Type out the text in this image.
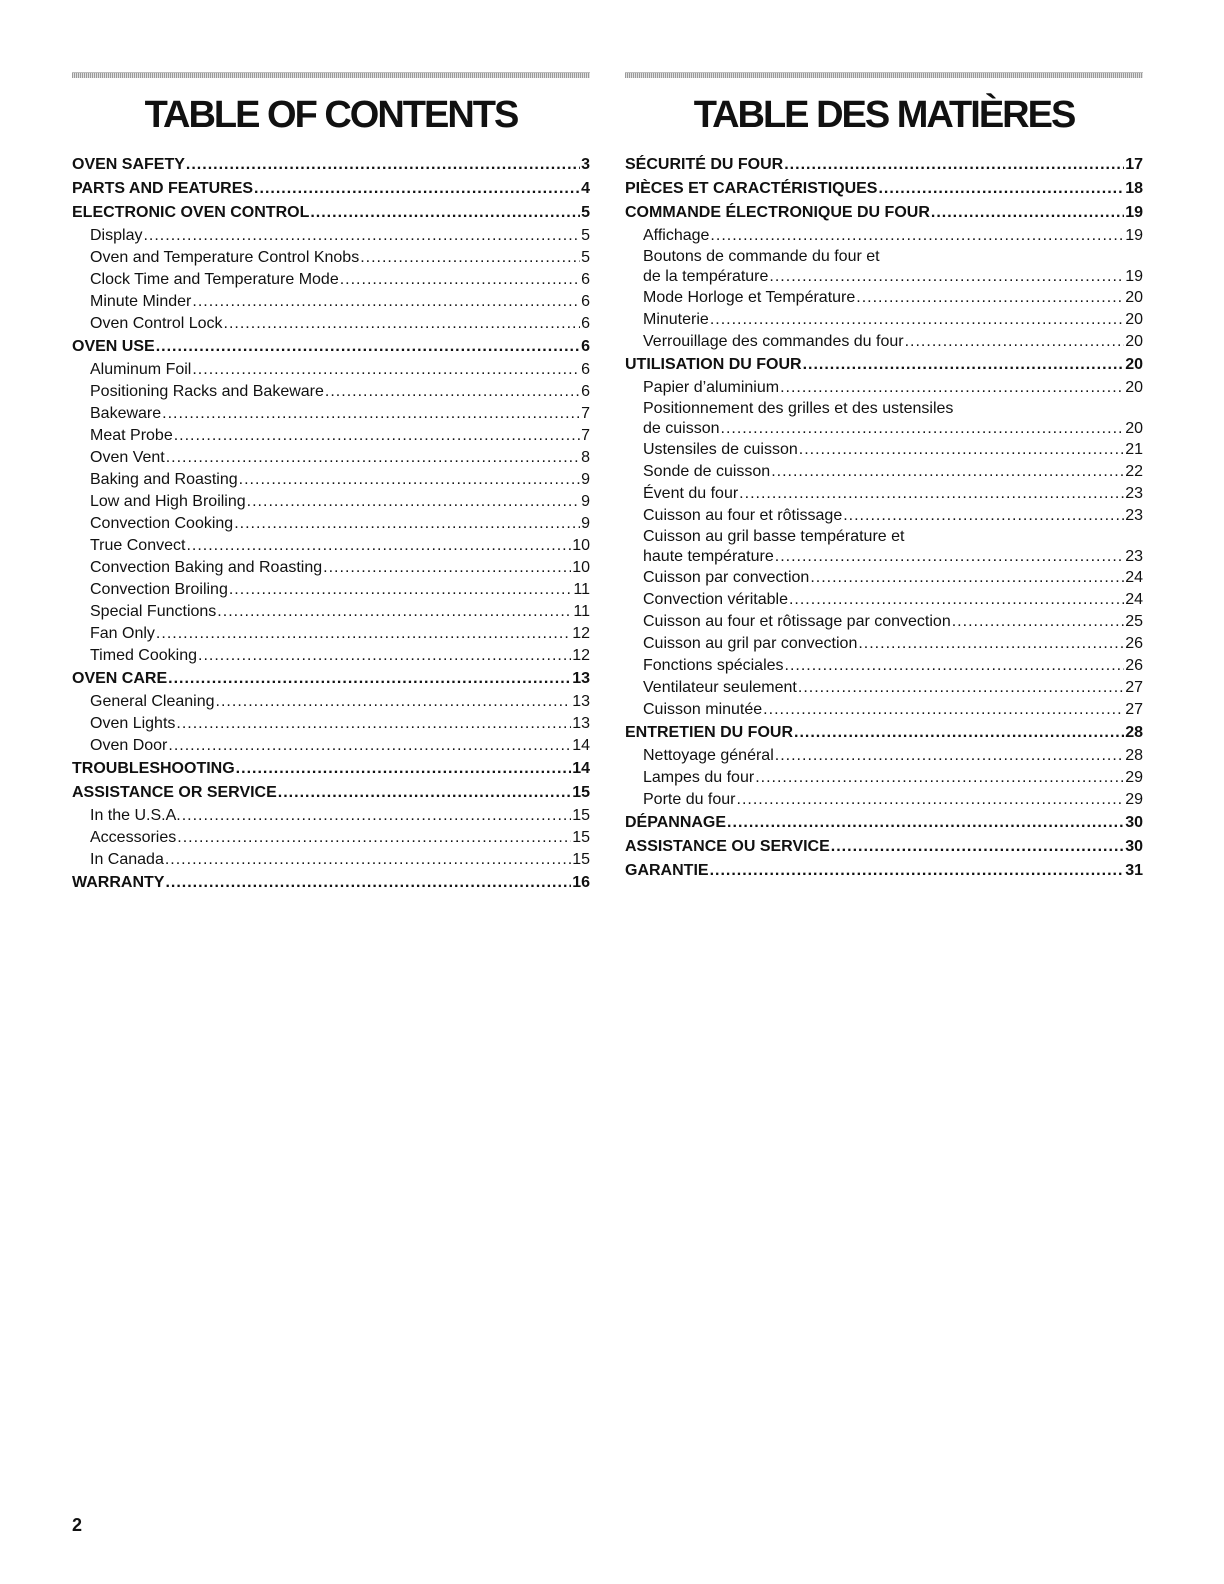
TABLE OF CONTENTS
OVEN SAFETY .....	3
PARTS AND FEATURES .....	4
ELECTRONIC OVEN CONTROL .....	5
Display .....	5
Oven and Temperature Control Knobs .....	5
Clock Time and Temperature Mode .....	6
Minute Minder .....	6
Oven Control Lock .....	6
OVEN USE .....	6
Aluminum Foil .....	6
Positioning Racks and Bakeware .....	6
Bakeware .....	7
Meat Probe .....	7
Oven Vent .....	8
Baking and Roasting .....	9
Low and High Broiling .....	9
Convection Cooking .....	9
True Convect .....	10
Convection Baking and Roasting .....	10
Convection Broiling .....	11
Special Functions .....	11
Fan Only .....	12
Timed Cooking .....	12
OVEN CARE .....	13
General Cleaning .....	13
Oven Lights .....	13
Oven Door .....	14
TROUBLESHOOTING .....	14
ASSISTANCE OR SERVICE .....	15
In the U.S.A. .....	15
Accessories .....	15
In Canada .....	15
WARRANTY .....	16
TABLE DES MATIÈRES
SÉCURITÉ DU FOUR .....	17
PIÈCES ET CARACTÉRISTIQUES .....	18
COMMANDE ÉLECTRONIQUE DU FOUR .....	19
Affichage .....	19
Boutons de commande du four et
de la température .....	19
Mode Horloge et Température .....	20
Minuterie .....	20
Verrouillage des commandes du four .....	20
UTILISATION DU FOUR .....	20
Papier d’aluminium .....	20
Positionnement des grilles et des ustensiles
de cuisson .....	20
Ustensiles de cuisson .....	21
Sonde de cuisson .....	22
Évent du four .....	23
Cuisson au four et rôtissage .....	23
Cuisson au gril basse température et
haute température .....	23
Cuisson par convection .....	24
Convection véritable .....	24
Cuisson au four et rôtissage par convection .....	25
Cuisson au gril par convection .....	26
Fonctions spéciales .....	26
Ventilateur seulement .....	27
Cuisson minutée .....	27
ENTRETIEN DU FOUR .....	28
Nettoyage général .....	28
Lampes du four .....	29
Porte du four .....	29
DÉPANNAGE .....	30
ASSISTANCE OU SERVICE .....	30
GARANTIE .....	31
2
